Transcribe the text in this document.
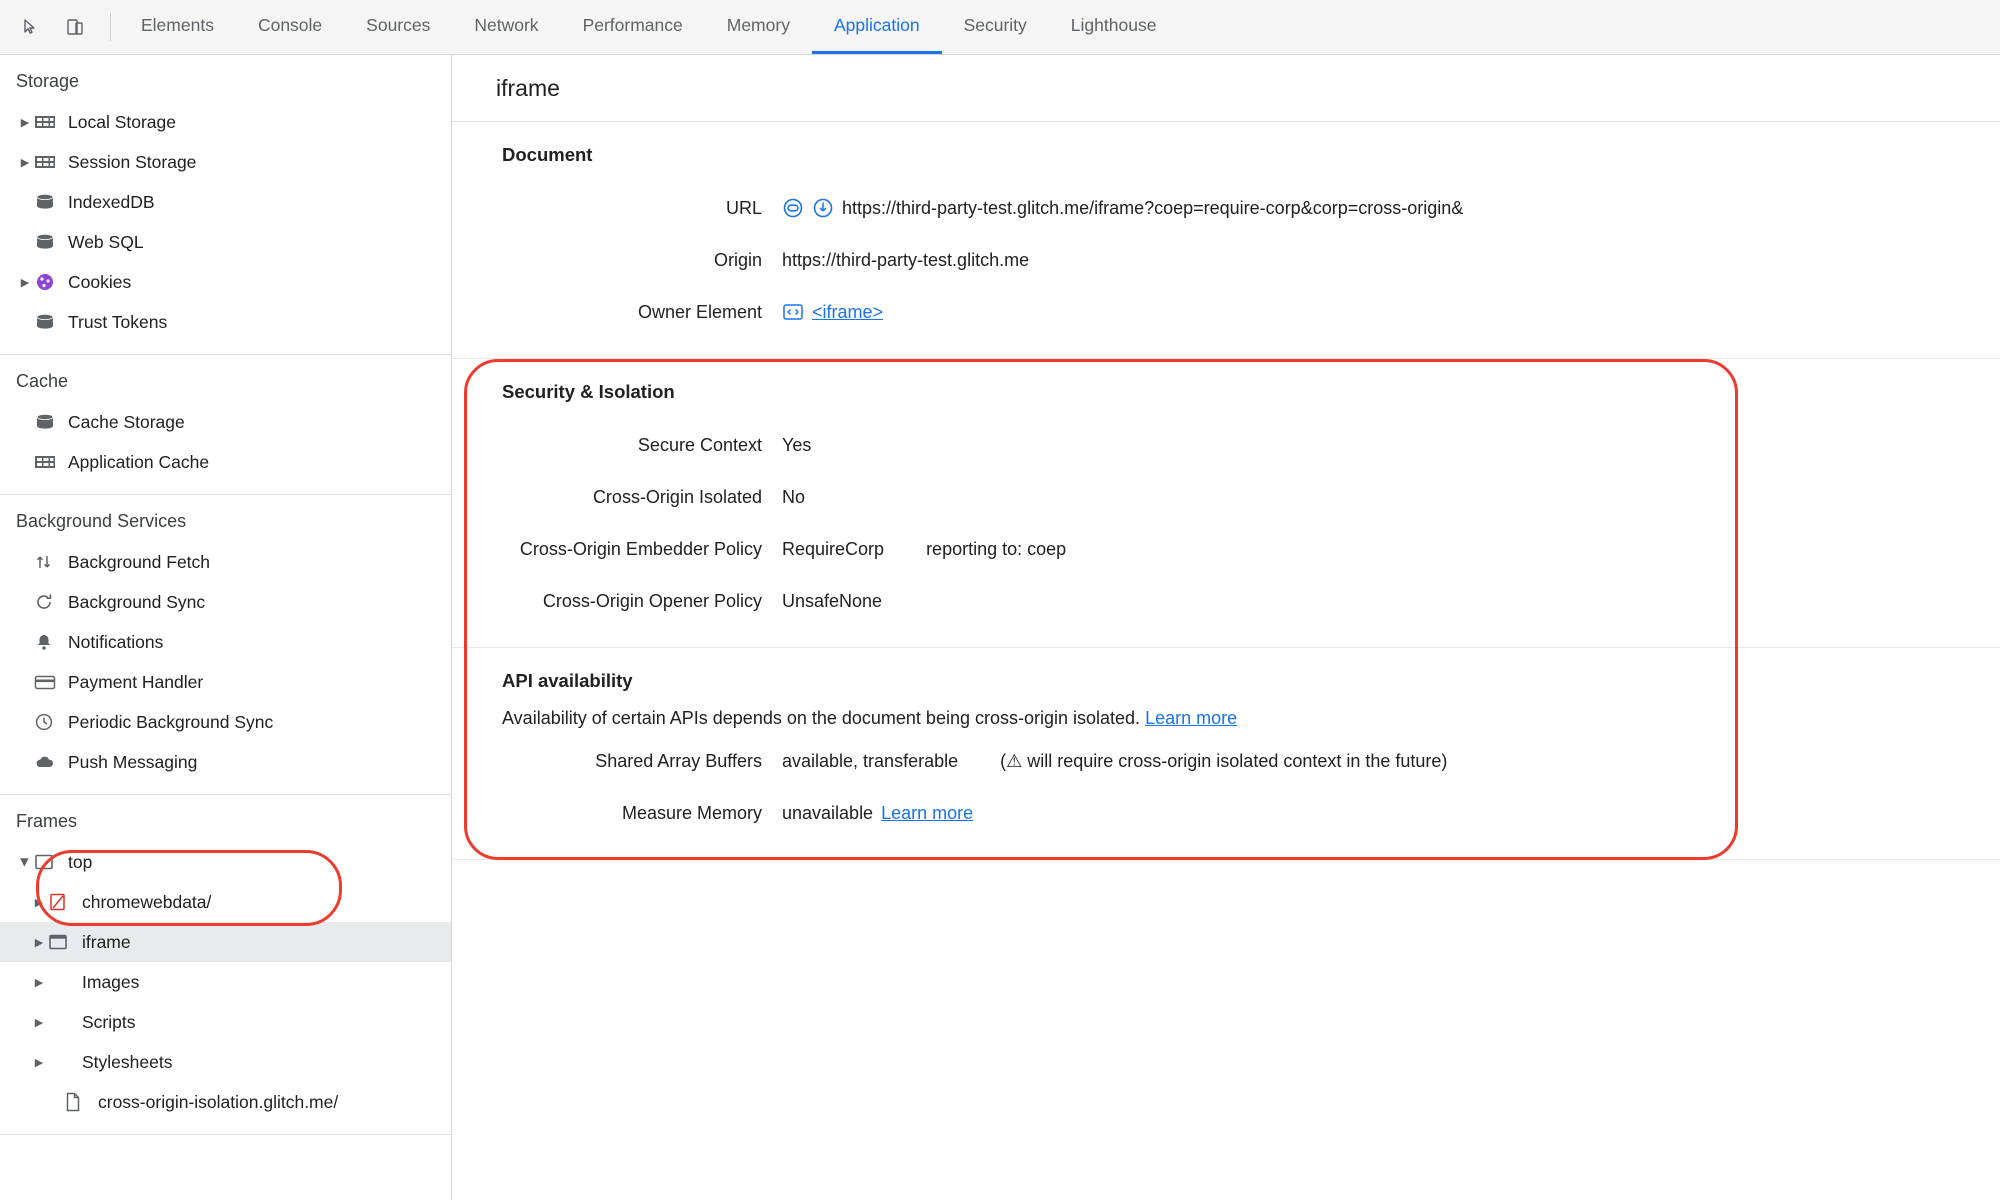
Elements	Console	Sources	Network	Performance	Memory	Application	Security	Lighthouse
Storage
▶ Local Storage
▶ Session Storage
IndexedDB
Web SQL
▶ Cookies
Trust Tokens
Cache
Cache Storage
Application Cache
Background Services
Background Fetch
Background Sync
Notifications
Payment Handler
Periodic Background Sync
Push Messaging
Frames
▶ top
▶ chromewebdata/
▶ iframe
▶ Images
▶ Scripts
▶ Stylesheets
cross-origin-isolation.glitch.me/
iframe
Document
URL	https://third-party-test.glitch.me/iframe?coep=require-corp&corp=cross-origin&
Origin	https://third-party-test.glitch.me
Owner Element	<iframe>
Security & Isolation
Secure Context	Yes
Cross-Origin Isolated	No
Cross-Origin Embedder Policy	RequireCorp reporting to: coep
Cross-Origin Opener Policy	UnsafeNone
API availability
Availability of certain APIs depends on the document being cross-origin isolated. Learn more
Shared Array Buffers	available, transferable (⚠ will require cross-origin isolated context in the future)
Measure Memory	unavailable Learn more
